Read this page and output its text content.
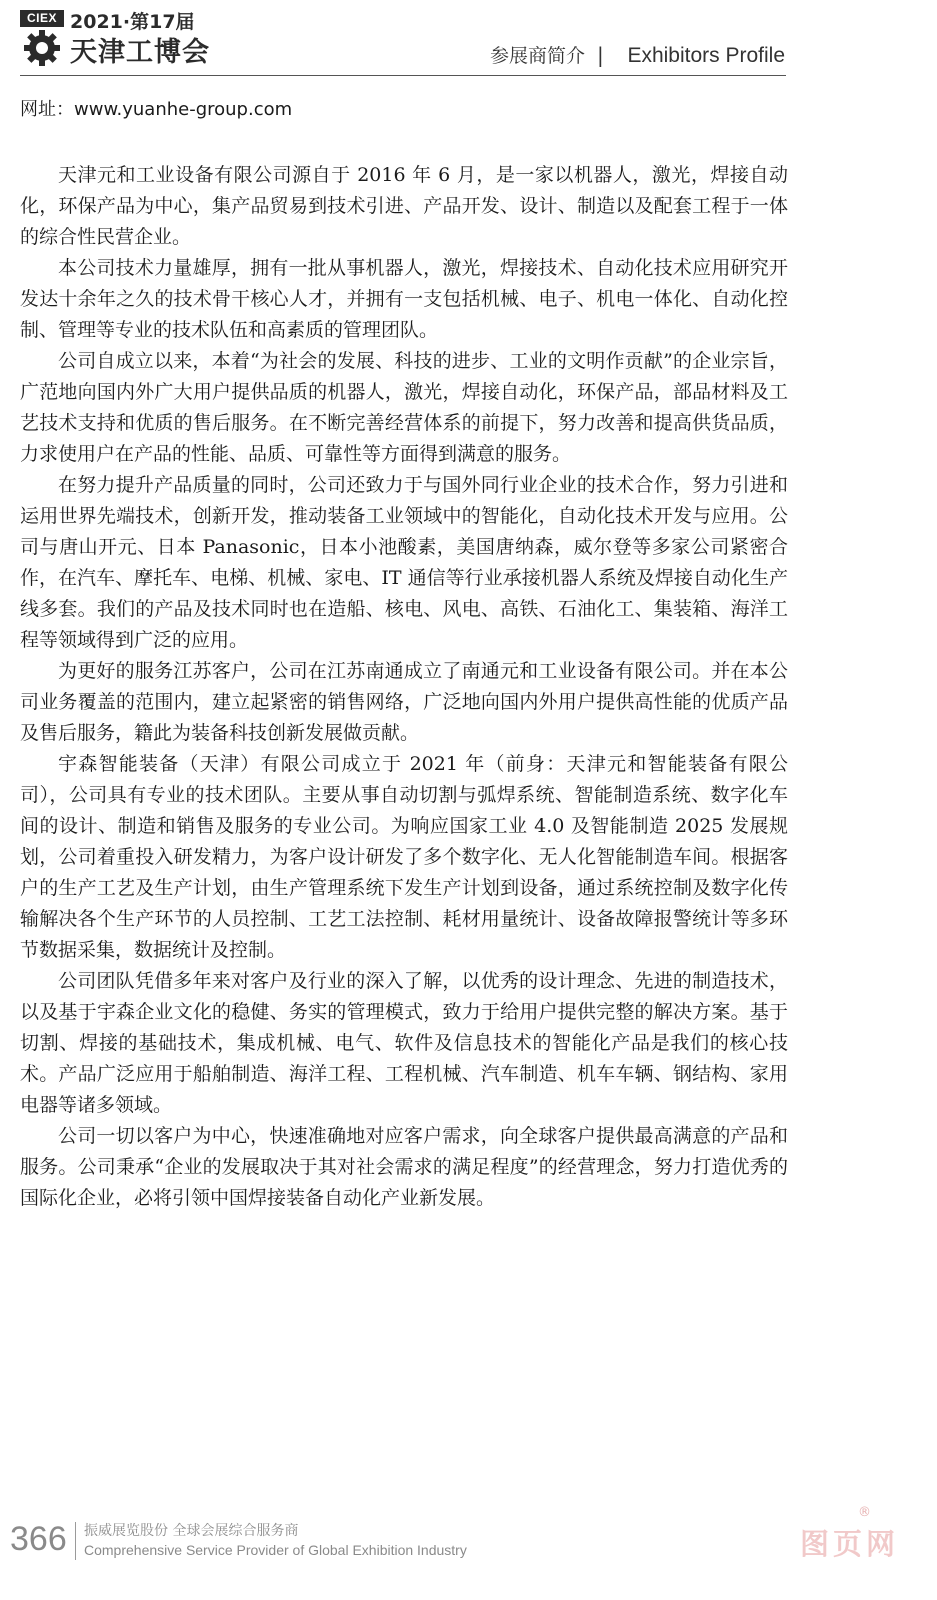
CIEX 2021·第17届
天津工博会	参展商简介 | Exhibitors Profile
网址：www.yuanhe-group.com

天津元和工业设备有限公司源自于 2016 年 6 月，是一家以机器人，激光，焊接自动化，环保产品为中心，集产品贸易到技术引进、产品开发、设计、制造以及配套工程于一体的综合性民营企业。

本公司技术力量雄厚，拥有一批从事机器人，激光，焊接技术、自动化技术应用研究开发达十余年之久的技术骨干核心人才，并拥有一支包括机械、电子、机电一体化、自动化控制、管理等专业的技术队伍和高素质的管理团队。

公司自成立以来，本着“为社会的发展、科技的进步、工业的文明作贡献”的企业宗旨，广范地向国内外广大用户提供品质的机器人，激光，焊接自动化，环保产品，部品材料及工艺技术支持和优质的售后服务。在不断完善经营体系的前提下，努力改善和提高供货品质，力求使用户在产品的性能、品质、可靠性等方面得到满意的服务。

在努力提升产品质量的同时，公司还致力于与国外同行业企业的技术合作，努力引进和运用世界先端技术，创新开发，推动装备工业领域中的智能化，自动化技术开发与应用。公司与唐山开元、日本 Panasonic，日本小池酸素，美国唐纳森，威尔登等多家公司紧密合作，在汽车、摩托车、电梯、机械、家电、IT 通信等行业承接机器人系统及焊接自动化生产线多套。我们的产品及技术同时也在造船、核电、风电、高铁、石油化工、集装箱、海洋工程等领域得到广泛的应用。

为更好的服务江苏客户，公司在江苏南通成立了南通元和工业设备有限公司。并在本公司业务覆盖的范围内，建立起紧密的销售网络，广泛地向国内外用户提供高性能的优质产品及售后服务，籍此为装备科技创新发展做贡献。

宇森智能装备（天津）有限公司成立于 2021 年（前身：天津元和智能装备有限公司），公司具有专业的技术团队。主要从事自动切割与弧焊系统、智能制造系统、数字化车间的设计、制造和销售及服务的专业公司。为响应国家工业 4.0 及智能制造 2025 发展规划，公司着重投入研发精力，为客户设计研发了多个数字化、无人化智能制造车间。根据客户的生产工艺及生产计划，由生产管理系统下发生产计划到设备，通过系统控制及数字化传输解决各个生产环节的人员控制、工艺工法控制、耗材用量统计、设备故障报警统计等多环节数据采集，数据统计及控制。

公司团队凭借多年来对客户及行业的深入了解，以优秀的设计理念、先进的制造技术，以及基于宇森企业文化的稳健、务实的管理模式，致力于给用户提供完整的解决方案。基于切割、焊接的基础技术，集成机械、电气、软件及信息技术的智能化产品是我们的核心技术。产品广泛应用于船舶制造、海洋工程、工程机械、汽车制造、机车车辆、钢结构、家用电器等诸多领域。

公司一切以客户为中心，快速准确地对应客户需求，向全球客户提供最高满意的产品和服务。公司秉承“企业的发展取决于其对社会需求的满足程度”的经营理念，努力打造优秀的国际化企业，必将引领中国焊接装备自动化产业新发展。

366 振威展览股份 全球会展综合服务商
Comprehensive Service Provider of Global Exhibition Industry
®
图页网
